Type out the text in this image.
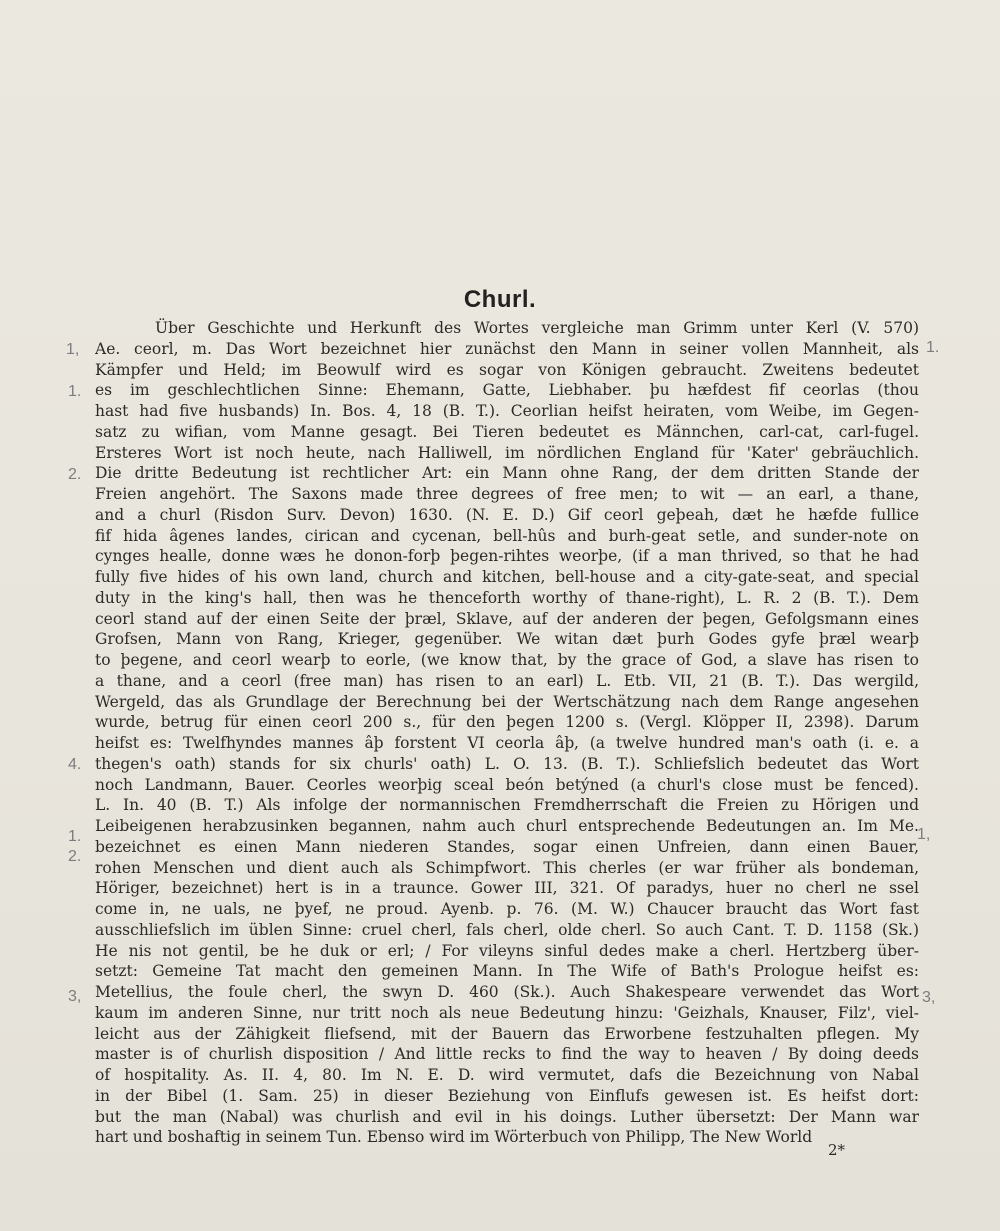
Churl.
Über Geschichte und Herkunft des Wortes vergleiche man Grimm unter Kerl (V. 570)
Ae. ceorl, m. Das Wort bezeichnet hier zunächst den Mann in seiner vollen Mannheit, als
Kämpfer und Held; im Beowulf wird es sogar von Königen gebraucht. Zweitens bedeutet
es im geschlechtlichen Sinne: Ehemann, Gatte, Liebhaber. þu hæfdest fif ceorlas (thou
hast had five husbands) In. Bos. 4, 18 (B. T.). Ceorlian heifst heiraten, vom Weibe, im Gegen-
satz zu wifian, vom Manne gesagt. Bei Tieren bedeutet es Männchen, carl-cat, carl-fugel.
Ersteres Wort ist noch heute, nach Halliwell, im nördlichen England für 'Kater' gebräuchlich.
Die dritte Bedeutung ist rechtlicher Art: ein Mann ohne Rang, der dem dritten Stande der
Freien angehört. The Saxons made three degrees of free men; to wit — an earl, a thane,
and a churl (Risdon Surv. Devon) 1630. (N. E. D.) Gif ceorl geþeah, dæt he hæfde fullice
fif hida âgenes landes, cirican and cycenan, bell-hûs and burh-geat setle, and sunder-note on
cynges healle, donne wæs he donon-forþ þegen-rihtes weorþe, (if a man thrived, so that he had
fully five hides of his own land, church and kitchen, bell-house and a city-gate-seat, and special
duty in the king's hall, then was he thenceforth worthy of thane-right), L. R. 2 (B. T.). Dem
ceorl stand auf der einen Seite der þræl, Sklave, auf der anderen der þegen, Gefolgsmann eines
Grofsen, Mann von Rang, Krieger, gegenüber. We witan dæt þurh Godes gyfe þræl wearþ
to þegene, and ceorl wearþ to eorle, (we know that, by the grace of God, a slave has risen to
a thane, and a ceorl (free man) has risen to an earl) L. Etb. VII, 21 (B. T.). Das wergild,
Wergeld, das als Grundlage der Berechnung bei der Wertschätzung nach dem Range angesehen
wurde, betrug für einen ceorl 200 s., für den þegen 1200 s. (Vergl. Klöpper II, 2398). Darum
heifst es: Twelfhyndes mannes âþ forstent VI ceorla âþ, (a twelve hundred man's oath (i. e. a
thegen's oath) stands for six churls' oath) L. O. 13. (B. T.). Schliefslich bedeutet das Wort
noch Landmann, Bauer. Ceorles weorþig sceal beón betýned (a churl's close must be fenced).
L. In. 40 (B. T.) Als infolge der normannischen Fremdherrschaft die Freien zu Hörigen und
Leibeigenen herabzusinken begannen, nahm auch churl entsprechende Bedeutungen an. Im Me.
bezeichnet es einen Mann niederen Standes, sogar einen Unfreien, dann einen Bauer,
rohen Menschen und dient auch als Schimpfwort. This cherles (er war früher als bondeman,
Höriger, bezeichnet) hert is in a traunce. Gower III, 321. Of paradys, huer no cherl ne ssel
come in, ne uals, ne þyef, ne proud. Ayenb. p. 76. (M. W.) Chaucer braucht das Wort fast
ausschliefslich im üblen Sinne: cruel cherl, fals cherl, olde cherl. So auch Cant. T. D. 1158 (Sk.)
He nis not gentil, be he duk or erl; / For vileyns sinful dedes make a cherl. Hertzberg über-
setzt: Gemeine Tat macht den gemeinen Mann. In The Wife of Bath's Prologue heifst es:
Metellius, the foule cherl, the swyn D. 460 (Sk.). Auch Shakespeare verwendet das Wort
kaum im anderen Sinne, nur tritt noch als neue Bedeutung hinzu: 'Geizhals, Knauser, Filz', viel-
leicht aus der Zähigkeit fliefsend, mit der Bauern das Erworbene festzuhalten pflegen. My
master is of churlish disposition / And little recks to find the way to heaven / By doing deeds
of hospitality. As. II. 4, 80. Im N. E. D. wird vermutet, dafs die Bezeichnung von Nabal
in der Bibel (1. Sam. 25) in dieser Beziehung von Einflufs gewesen ist. Es heifst dort:
but the man (Nabal) was churlish and evil in his doings. Luther übersetzt: Der Mann war
hart und boshaftig in seinem Tun. Ebenso wird im Wörterbuch von Philipp, The New World
1,
1.
2.
4.
1.
2.
3,
1.
1,
3,
2*
